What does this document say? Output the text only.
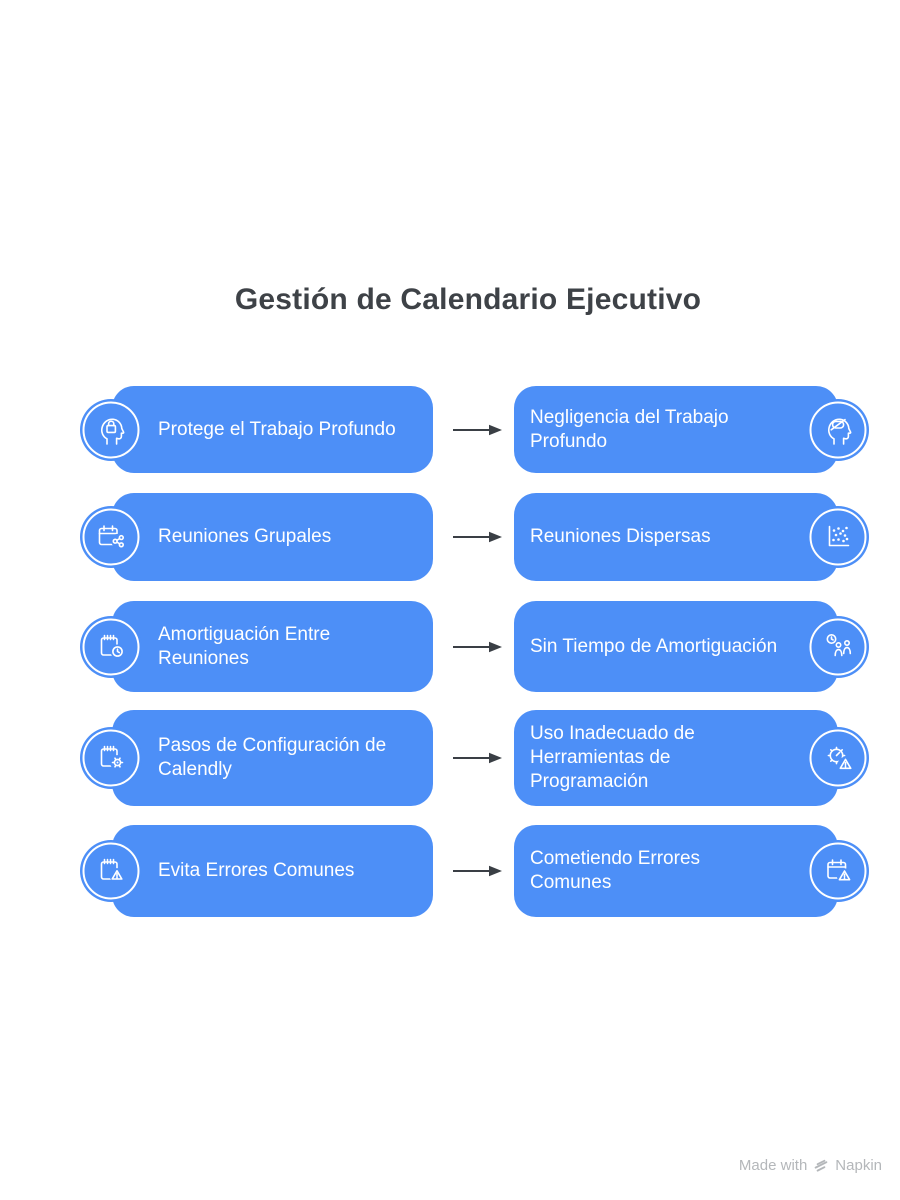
Gestión de Calendario Ejecutivo
Protege el Trabajo Profundo
Negligencia del Trabajo Profundo
Reuniones Grupales	Reuniones Dispersas
Amortiguación Entre Reuniones
Sin Tiempo de Amortiguación
Pasos de Configuración de Calendly
Uso Inadecuado de Herramientas de Programación
Evita Errores Comunes
Cometiendo Errores Comunes
Made with Napkin
